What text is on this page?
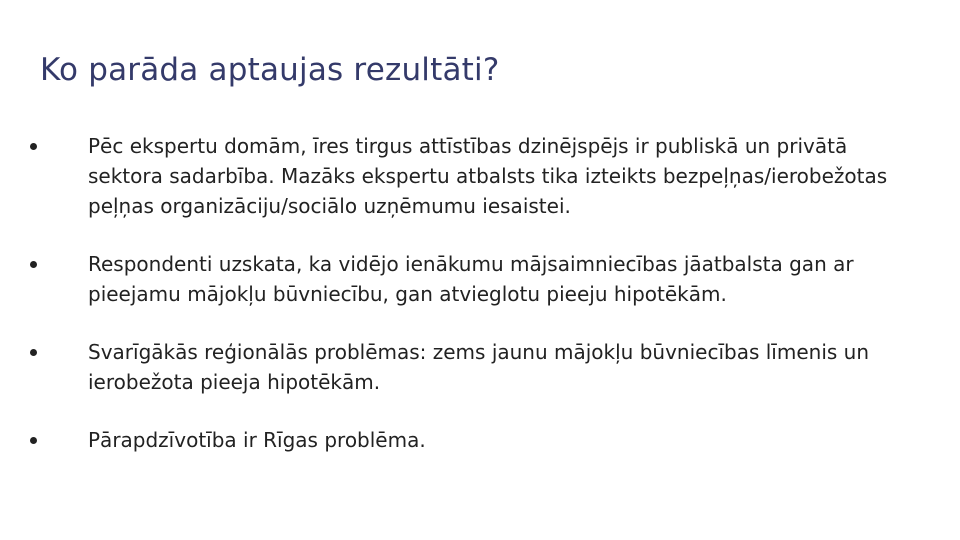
Ko parāda aptaujas rezultāti?
Pēc ekspertu domām, īres tirgus attīstības dzinējspējs ir publiskā un privātā sektora sadarbība. Mazāks ekspertu atbalsts tika izteikts bezpeļņas/ierobežotas peļņas organizāciju/sociālo uzņēmumu iesaistei.
Respondenti uzskata, ka vidējo ienākumu mājsaimniecības jāatbalsta gan ar pieejamu mājokļu būvniecību, gan atvieglotu pieeju hipotēkām.
Svarīgākās reģionālās problēmas: zems jaunu mājokļu būvniecības līmenis un ierobežota pieeja hipotēkām.
Pārapdzīvotība ir Rīgas problēma.
